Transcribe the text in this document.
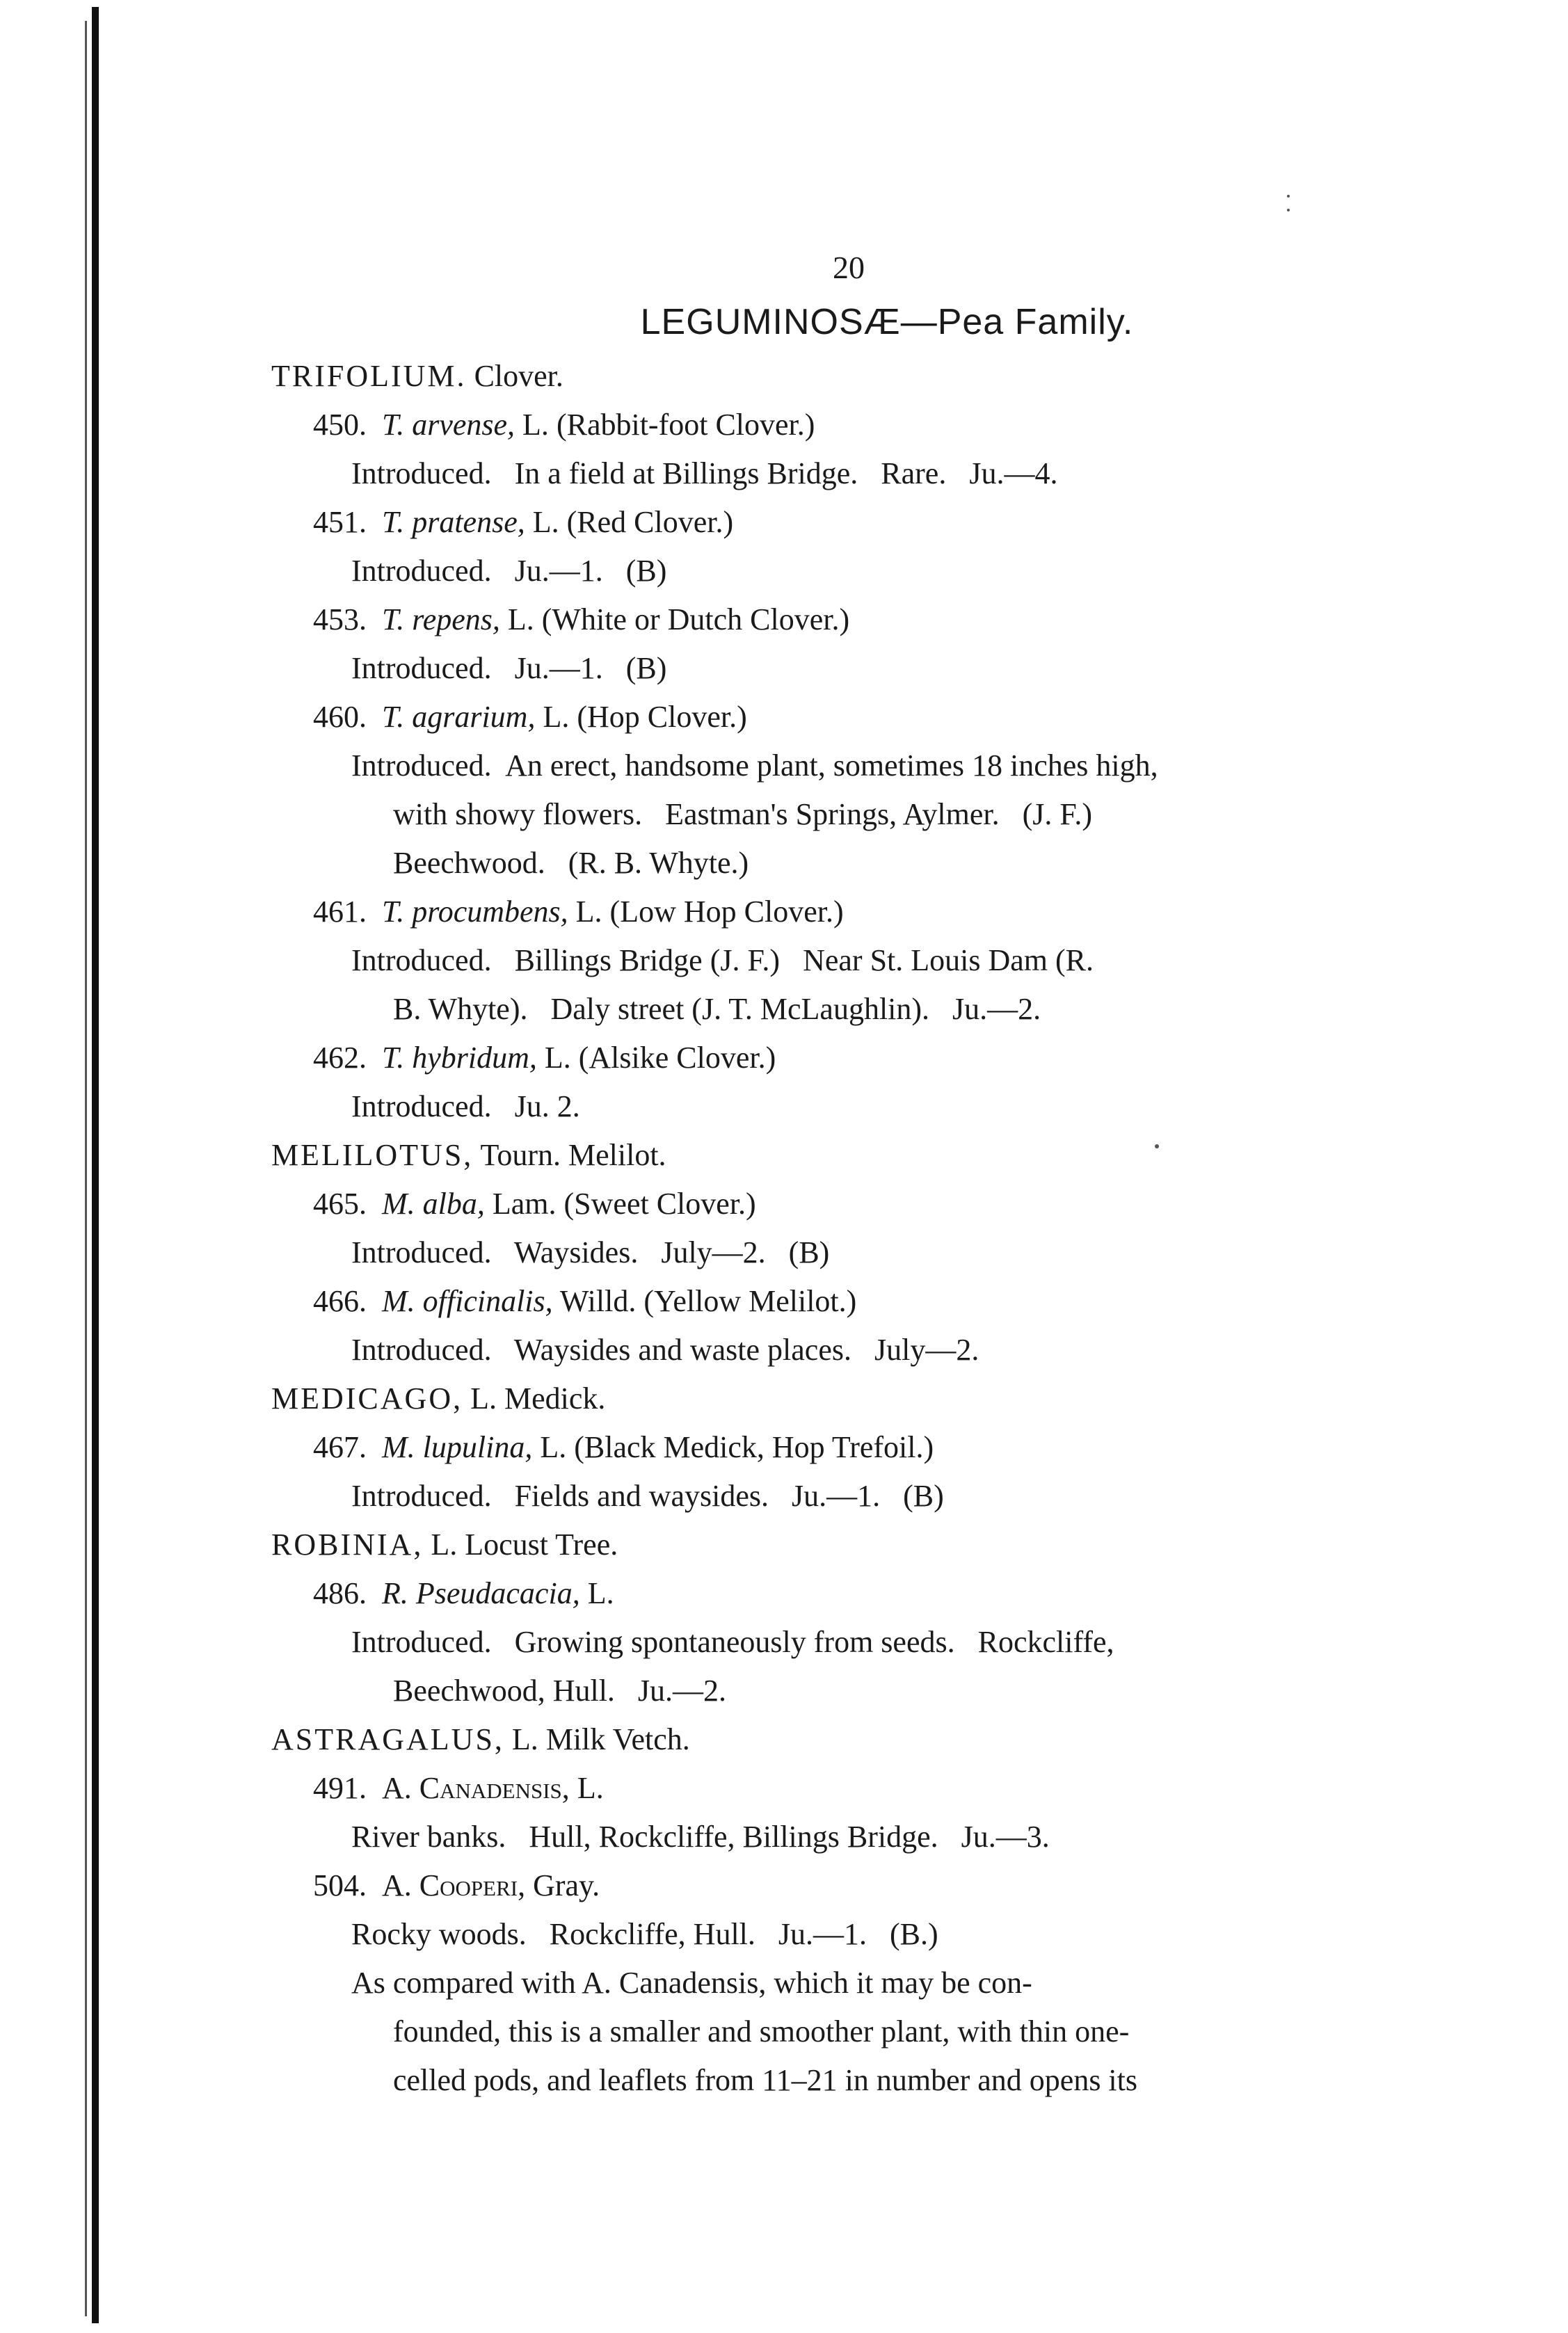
20
LEGUMINOSÆ—Pea Family.
TRIFOLIUM. Clover.
450. T. arvense, L. (Rabbit-foot Clover.)
Introduced.   In a field at Billings Bridge.   Rare.   Ju.—4.
451. T. pratense, L. (Red Clover.)
Introduced.   Ju.—1.   (B)
453. T. repens, L. (White or Dutch Clover.)
Introduced.   Ju.—1.   (B)
460. T. agrarium, L. (Hop Clover.)
Introduced.  An erect, handsome plant, sometimes 18 inches high,
with showy flowers.   Eastman's Springs, Aylmer.   (J. F.)
Beechwood.   (R. B. Whyte.)
461. T. procumbens, L. (Low Hop Clover.)
Introduced.   Billings Bridge (J. F.)   Near St. Louis Dam (R.
B. Whyte).   Daly street (J. T. McLaughlin).   Ju.—2.
462. T. hybridum, L. (Alsike Clover.)
Introduced.   Ju. 2.
MELILOTUS, Tourn. Melilot.
465. M. alba, Lam. (Sweet Clover.)
Introduced.   Waysides.   July—2.   (B)
466. M. officinalis, Willd. (Yellow Melilot.)
Introduced.   Waysides and waste places.   July—2.
MEDICAGO, L. Medick.
467. M. lupulina, L. (Black Medick, Hop Trefoil.)
Introduced.   Fields and waysides.   Ju.—1.   (B)
ROBINIA, L. Locust Tree.
486. R. Pseudacacia, L.
Introduced.   Growing spontaneously from seeds.   Rockcliffe,
Beechwood, Hull.   Ju.—2.
ASTRAGALUS, L. Milk Vetch.
491. A. Canadensis, L.
River banks.   Hull, Rockcliffe, Billings Bridge.   Ju.—3.
504. A. Cooperi, Gray.
Rocky woods.   Rockcliffe, Hull.   Ju.—1.   (B.)
As compared with A. Canadensis, which it may be con-
founded, this is a smaller and smoother plant, with thin one-
celled pods, and leaflets from 11–21 in number and opens its
